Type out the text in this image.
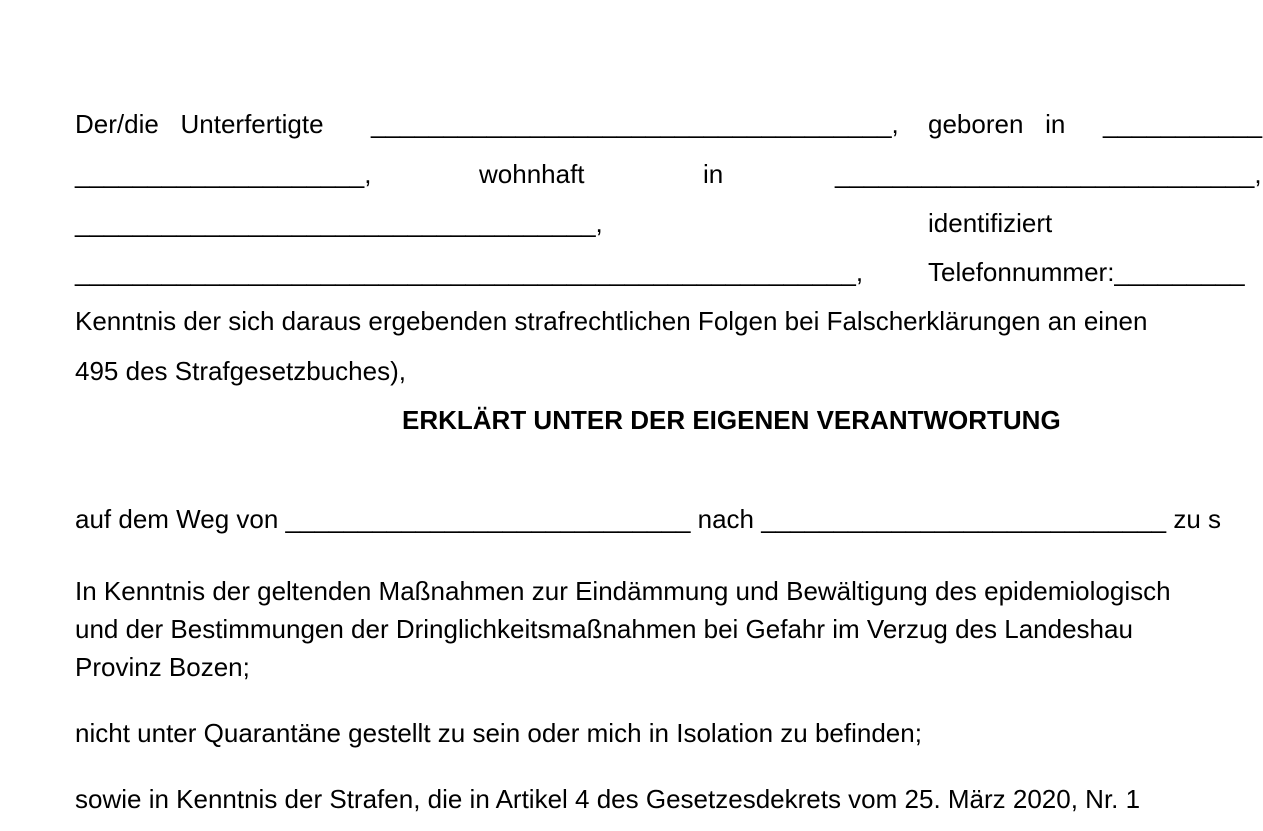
Der/die   Unterfertigte ____________________________________, geboren   in ___________
____________________,	wohnhaft	in	_____________________________,
____________________________________,	identifiziert
______________________________________________________, Telefonnummer:_________
Kenntnis der sich daraus ergebenden strafrechtlichen Folgen bei Falscherklärungen an einen
495 des Strafgesetzbuches),
ERKLÄRT UNTER DER EIGENEN VERANTWORTUNG
auf dem Weg von ____________________________ nach ____________________________ zu s
In Kenntnis der geltenden Maßnahmen zur Eindämmung und Bewältigung des epidemiologisch
und der Bestimmungen der Dringlichkeitsmaßnahmen bei Gefahr im Verzug des Landeshau
Provinz Bozen;
nicht unter Quarantäne gestellt zu sein oder mich in Isolation zu befinden;
sowie in Kenntnis der Strafen, die in Artikel 4 des Gesetzesdekrets vom 25. März 2020, Nr. 1
